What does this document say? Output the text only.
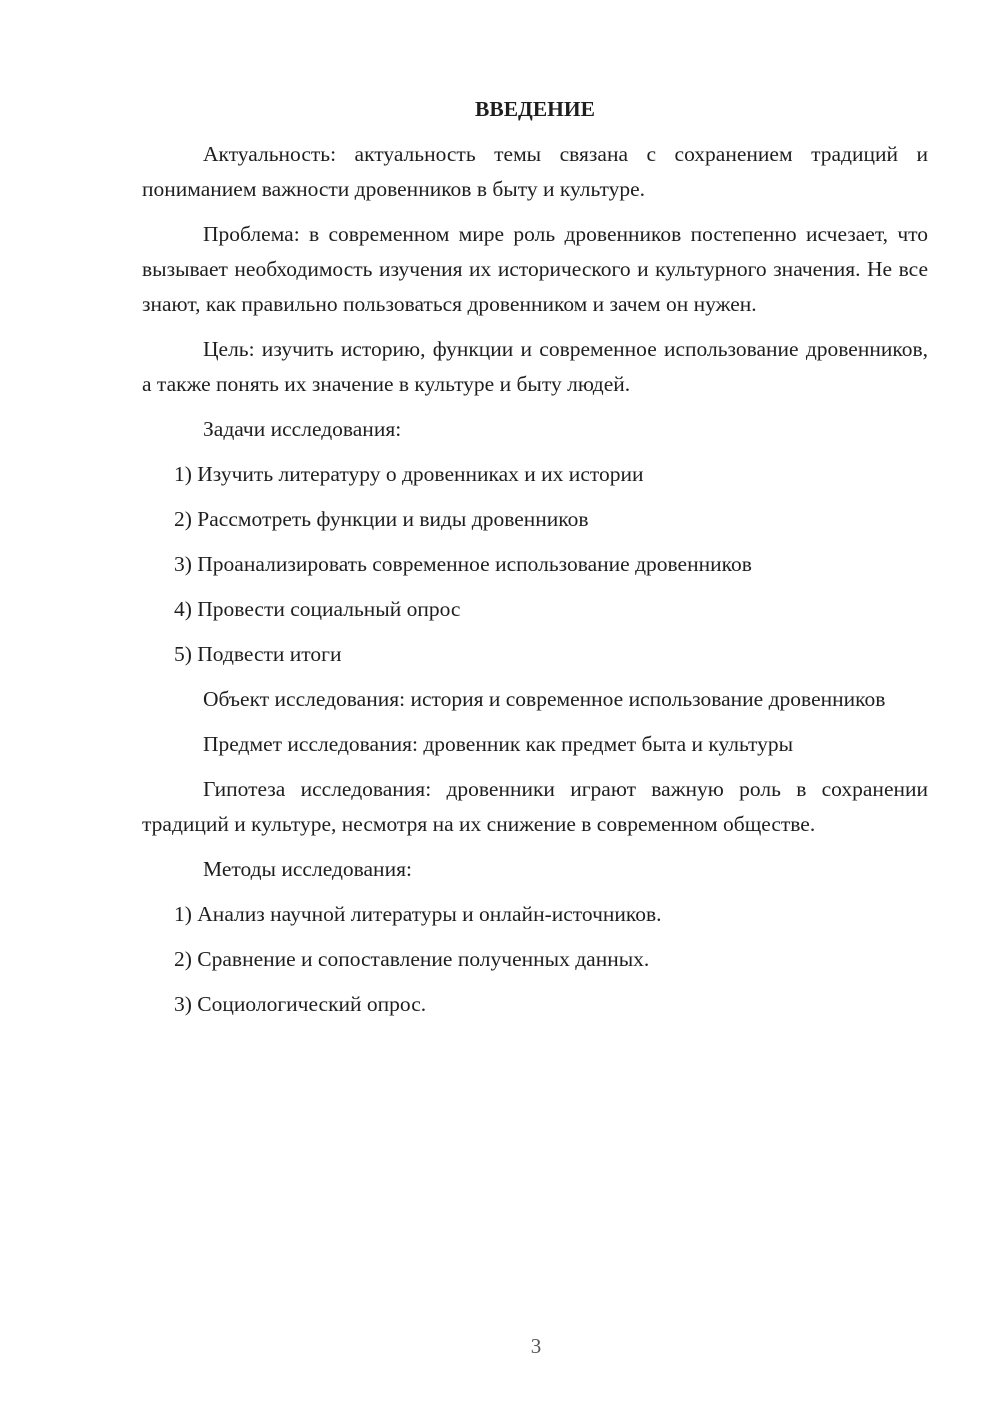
ВВЕДЕНИЕ
Актуальность: актуальность темы связана с сохранением традиций и пониманием важности дровенников в быту и культуре.
Проблема: в современном мире роль дровенников постепенно исчезает, что вызывает необходимость изучения их исторического и культурного значения. Не все знают, как правильно пользоваться дровенником и зачем он нужен.
Цель: изучить историю, функции и современное использование дровенников, а также понять их значение в культуре и быту людей.
Задачи исследования:
1) Изучить литературу о дровенниках и их истории
2) Рассмотреть функции и виды дровенников
3) Проанализировать современное использование дровенников
4) Провести социальный опрос
5) Подвести итоги
Объект исследования: история и современное использование дровенников
Предмет исследования: дровенник как предмет быта и культуры
Гипотеза исследования: дровенники играют важную роль в сохранении традиций и культуре, несмотря на их снижение в современном обществе.
Методы исследования:
1) Анализ научной литературы и онлайн-источников.
2) Сравнение и сопоставление полученных данных.
3) Социологический опрос.
3
